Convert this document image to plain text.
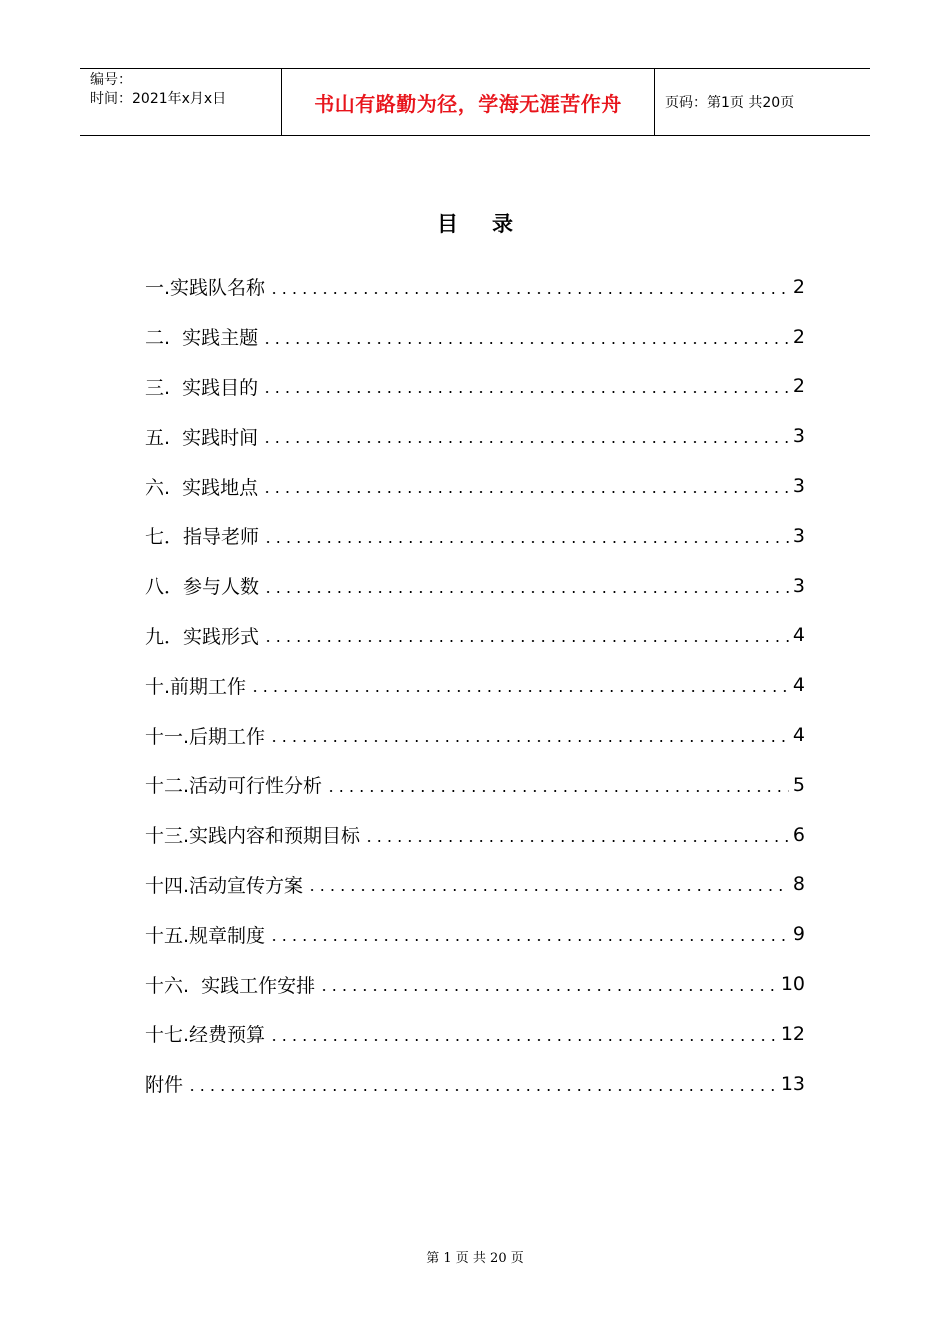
编号：
时间：2021年x月x日	书山有路勤为径，学海无涯苦作舟	页码：第1页 共20页
目录
一.实践队名称	2
二.  实践主题	2
三.  实践目的	2
五.  实践时间	3
六.  实践地点	3
七．指导老师	3
八．参与人数	3
九．实践形式	4
十.前期工作	4
十一.后期工作	4
十二.活动可行性分析	5
十三.实践内容和预期目标	6
十四.活动宣传方案	8
十五.规章制度	9
十六.  实践工作安排	10
十七.经费预算	12
附件	13
第 1 页 共 20 页
